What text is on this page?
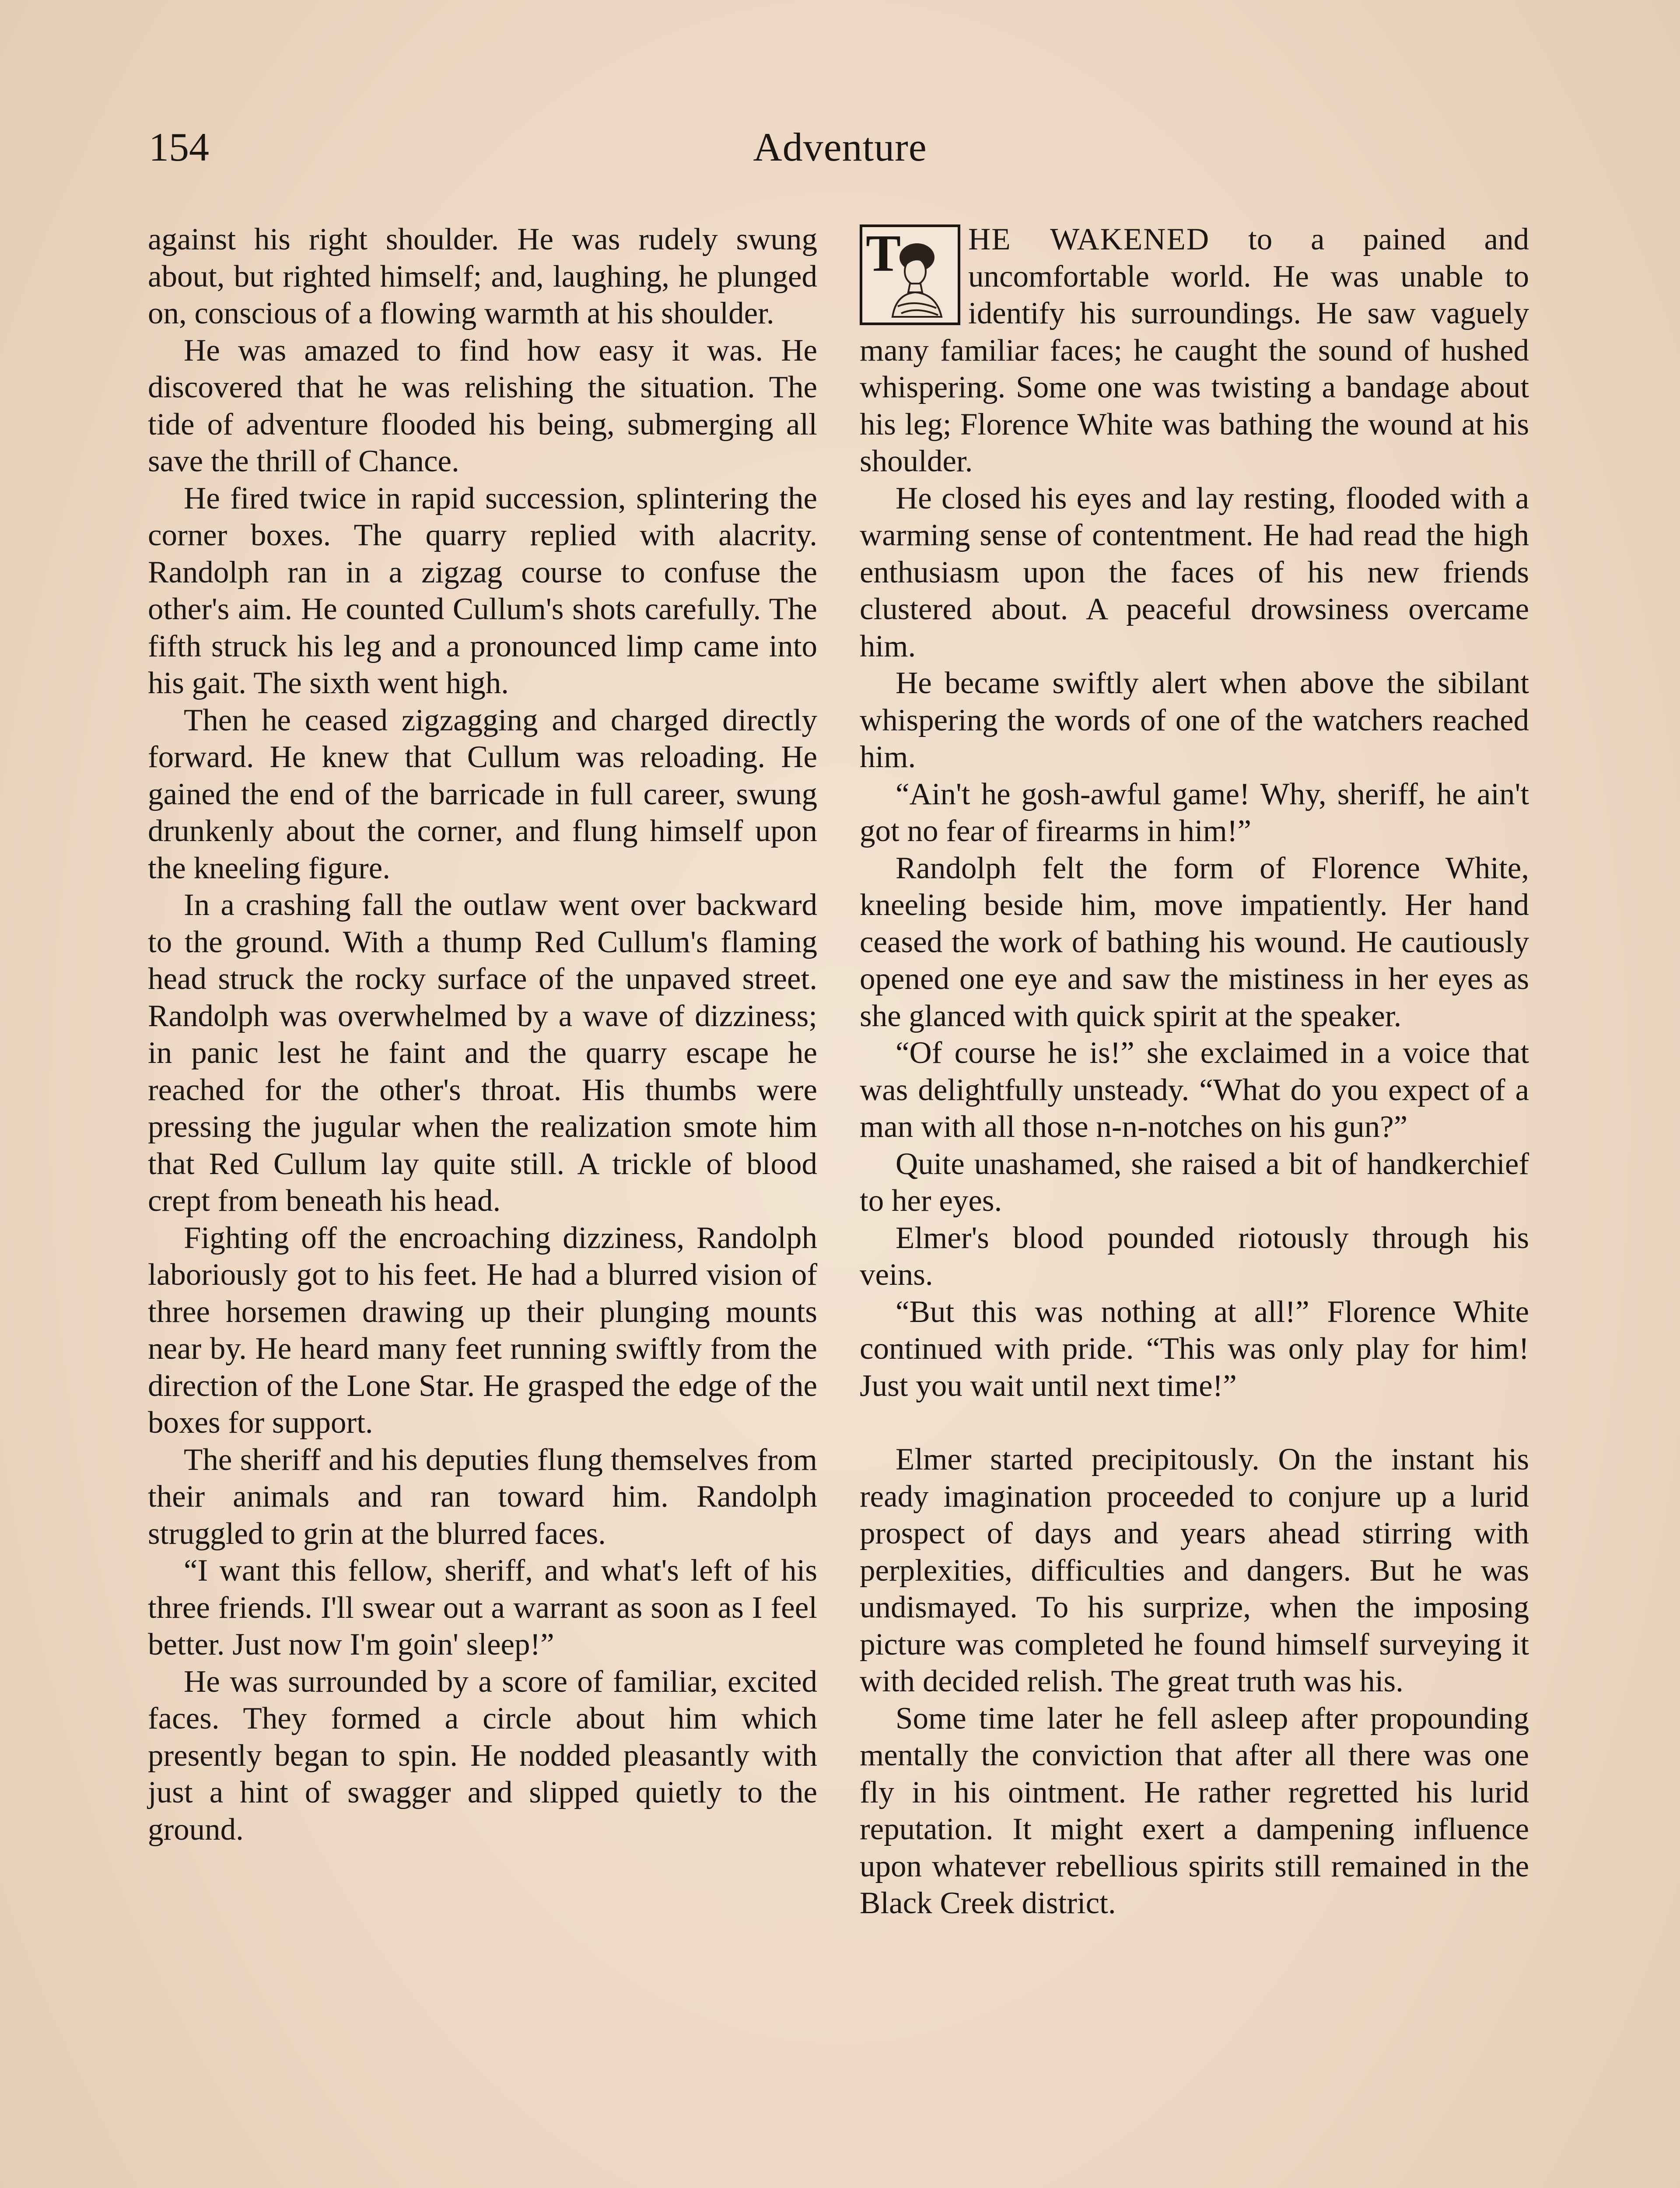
154	Adventure

against his right shoulder. He was rudely swung about, but righted himself; and, laughing, he plunged on, conscious of a flowing warmth at his shoulder.

He was amazed to find how easy it was. He discovered that he was relishing the situation. The tide of adventure flooded his being, submerging all save the thrill of Chance.

He fired twice in rapid succession, splintering the corner boxes. The quarry replied with alacrity. Randolph ran in a zigzag course to confuse the other's aim. He counted Cullum's shots carefully. The fifth struck his leg and a pronounced limp came into his gait. The sixth went high.

Then he ceased zigzagging and charged directly forward. He knew that Cullum was reloading. He gained the end of the barricade in full career, swung drunkenly about the corner, and flung himself upon the kneeling figure.

In a crashing fall the outlaw went over backward to the ground. With a thump Red Cullum's flaming head struck the rocky surface of the unpaved street. Randolph was overwhelmed by a wave of dizziness; in panic lest he faint and the quarry escape he reached for the other's throat. His thumbs were pressing the jugular when the realization smote him that Red Cullum lay quite still. A trickle of blood crept from beneath his head.

Fighting off the encroaching dizziness, Randolph laboriously got to his feet. He had a blurred vision of three horsemen drawing up their plunging mounts near by. He heard many feet running swiftly from the direction of the Lone Star. He grasped the edge of the boxes for support.

The sheriff and his deputies flung themselves from their animals and ran toward him. Randolph struggled to grin at the blurred faces.

“I want this fellow, sheriff, and what's left of his three friends. I'll swear out a warrant as soon as I feel better. Just now I'm goin' sleep!”

He was surrounded by a score of familiar, excited faces. They formed a circle about him which presently began to spin. He nodded pleasantly with just a hint of swagger and slipped quietly to the ground.

T	HE WAKENED to a pained and uncomfortable world. He was unable to identify his surroundings. He saw vaguely many familiar faces; he caught the sound of hushed whispering. Some one was twisting a bandage about his leg; Florence White was bathing the wound at his shoulder.

He closed his eyes and lay resting, flooded with a warming sense of contentment. He had read the high enthusiasm upon the faces of his new friends clustered about. A peaceful drowsiness overcame him.

He became swiftly alert when above the sibilant whispering the words of one of the watchers reached him.

“Ain't he gosh-awful game! Why, sheriff, he ain't got no fear of firearms in him!”

Randolph felt the form of Florence White, kneeling beside him, move impatiently. Her hand ceased the work of bathing his wound. He cautiously opened one eye and saw the mistiness in her eyes as she glanced with quick spirit at the speaker.

“Of course he is!” she exclaimed in a voice that was delightfully unsteady. “What do you expect of a man with all those n-n-notches on his gun?”

Quite unashamed, she raised a bit of handkerchief to her eyes.

Elmer's blood pounded riotously through his veins.

“But this was nothing at all!” Florence White continued with pride. “This was only play for him! Just you wait until next time!”

Elmer started precipitously. On the instant his ready imagination proceeded to conjure up a lurid prospect of days and years ahead stirring with perplexities, difficulties and dangers. But he was undismayed. To his surprize, when the imposing picture was completed he found himself surveying it with decided relish. The great truth was his.

Some time later he fell asleep after propounding mentally the conviction that after all there was one fly in his ointment. He rather regretted his lurid reputation. It might exert a dampening influence upon whatever rebellious spirits still remained in the Black Creek district.
